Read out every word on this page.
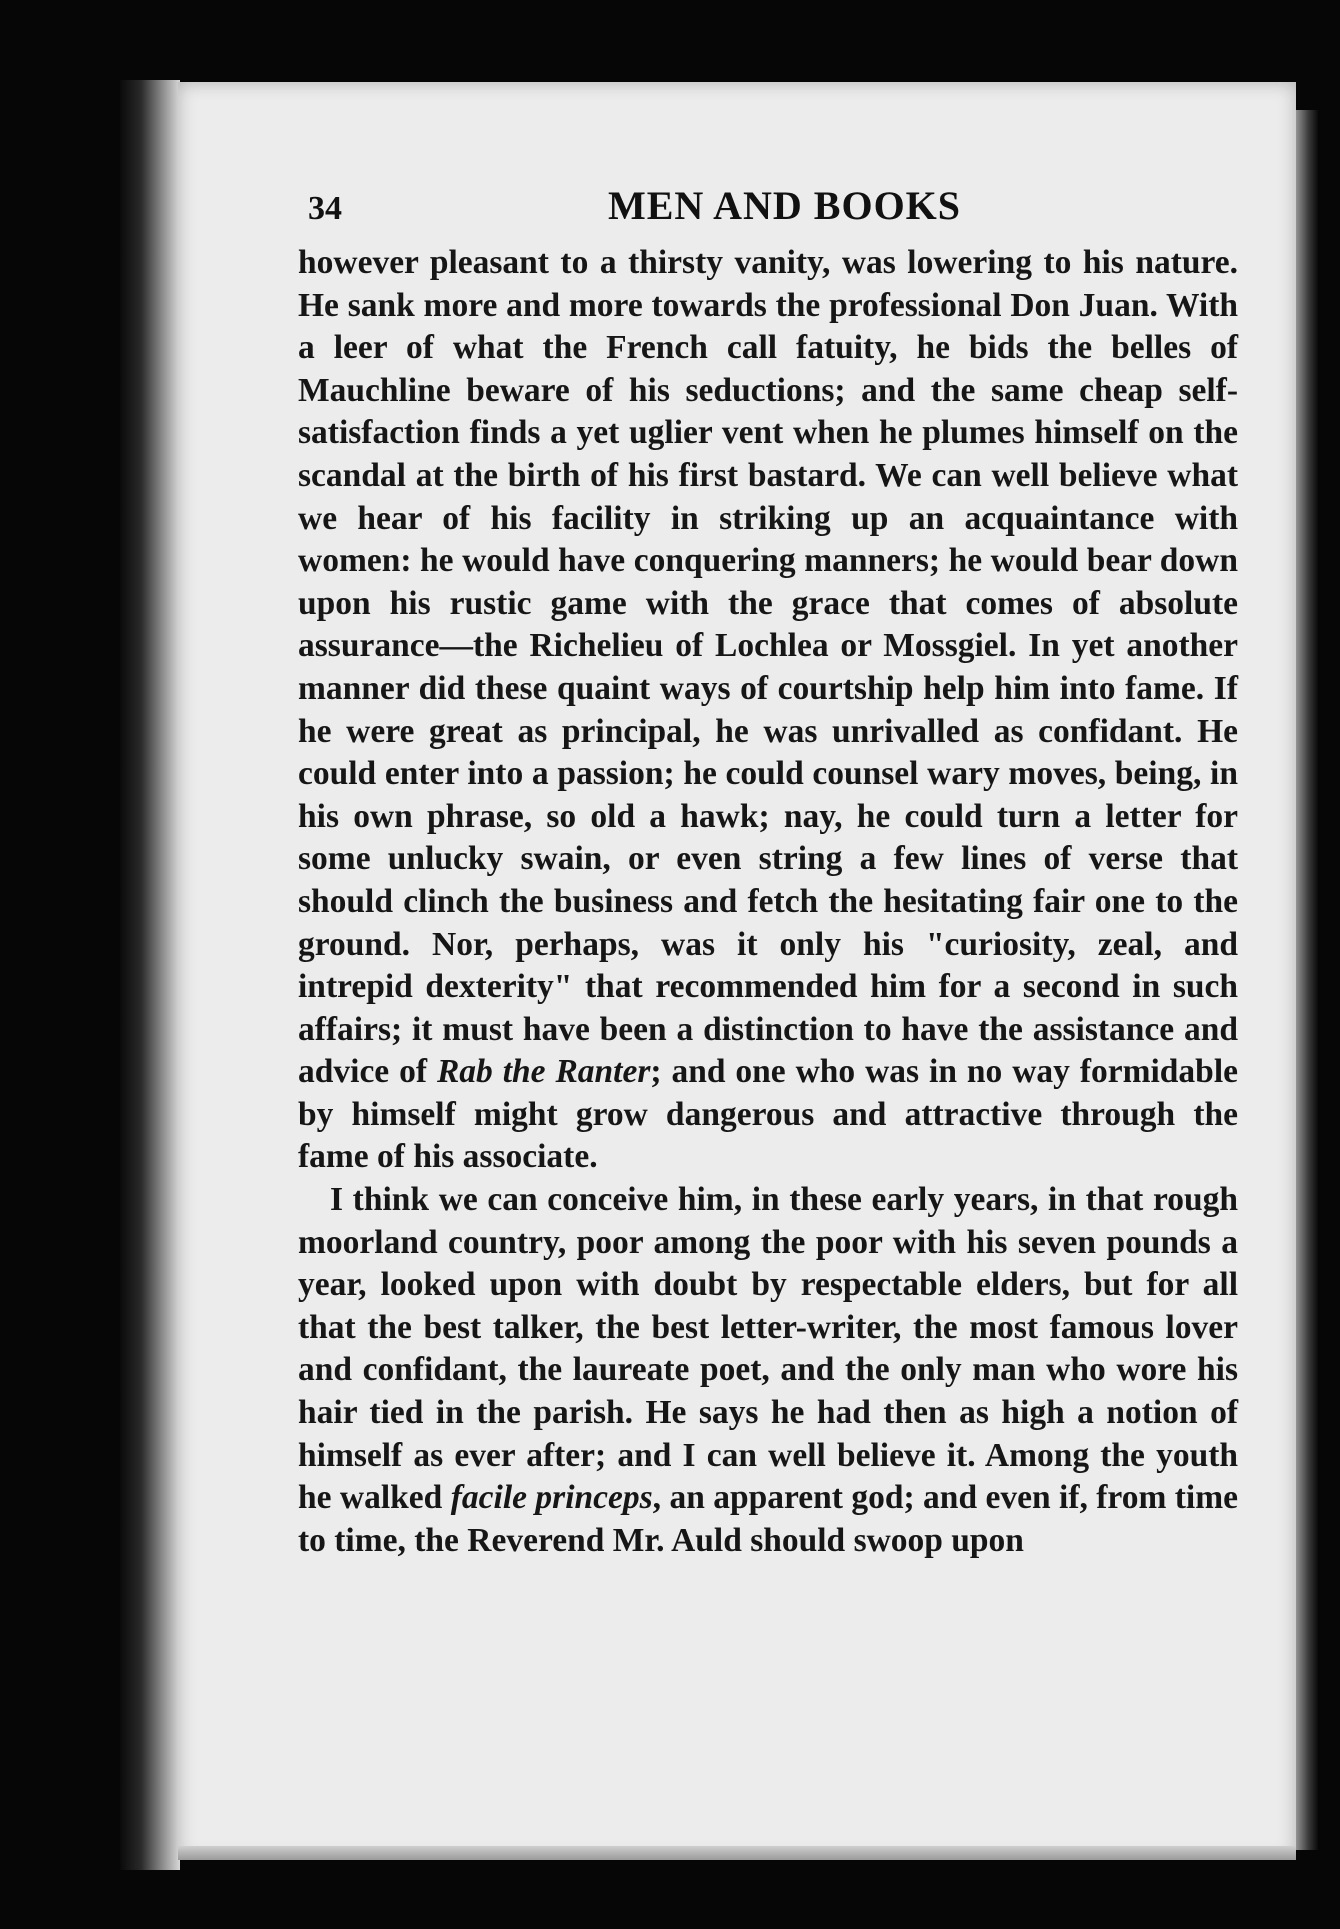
34	MEN AND BOOKS

however pleasant to a thirsty vanity, was lowering to his nature. He sank more and more towards the professional Don Juan. With a leer of what the French call fatuity, he bids the belles of Mauchline beware of his seductions; and the same cheap self-satisfaction finds a yet uglier vent when he plumes himself on the scandal at the birth of his first bastard. We can well believe what we hear of his facility in striking up an acquaintance with women: he would have conquering manners; he would bear down upon his rustic game with the grace that comes of absolute assurance—the Richelieu of Lochlea or Mossgiel. In yet another manner did these quaint ways of courtship help him into fame. If he were great as principal, he was unrivalled as confidant. He could enter into a passion; he could counsel wary moves, being, in his own phrase, so old a hawk; nay, he could turn a letter for some unlucky swain, or even string a few lines of verse that should clinch the business and fetch the hesitating fair one to the ground. Nor, perhaps, was it only his "curiosity, zeal, and intrepid dexterity" that recommended him for a second in such affairs; it must have been a distinction to have the assistance and advice of Rab the Ranter; and one who was in no way formidable by himself might grow dangerous and attractive through the fame of his associate.

I think we can conceive him, in these early years, in that rough moorland country, poor among the poor with his seven pounds a year, looked upon with doubt by respectable elders, but for all that the best talker, the best letter-writer, the most famous lover and confidant, the laureate poet, and the only man who wore his hair tied in the parish. He says he had then as high a notion of himself as ever after; and I can well believe it. Among the youth he walked facile princeps, an apparent god; and even if, from time to time, the Reverend Mr. Auld should swoop upon
